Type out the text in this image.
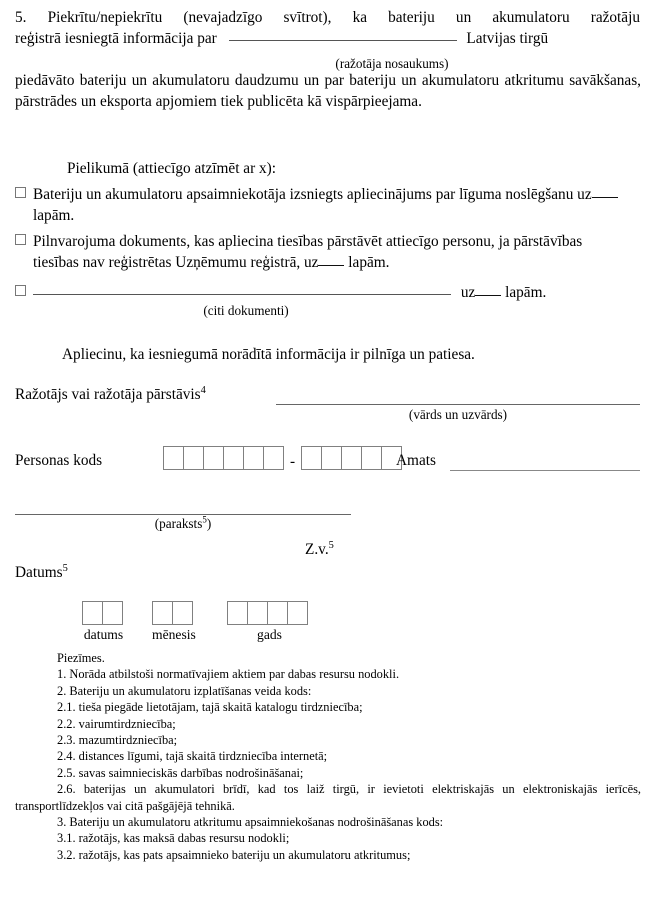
5. Piekrītu/nepiekrītu (nevajadzīgo svītrot), ka bateriju un akumulatoru ražotāju
reģistrā iesniegtā informācija par	Latvijas tirgū
(ražotāja nosaukums)
piedāvāto bateriju un akumulatoru daudzumu un par bateriju un akumulatoru atkritumu savākšanas, pārstrādes un eksporta apjomiem tiek publicēta kā vispārpieejama.
Pielikumā (attiecīgo atzīmēt ar x):
Bateriju un akumulatoru apsaimniekotāja izsniegts apliecinājums par līguma noslēgšanu uz lapām.
Pilnvarojuma dokuments, kas apliecina tiesības pārstāvēt attiecīgo personu, ja pārstāvības tiesības nav reģistrētas Uzņēmumu reģistrā, uz lapām.
uz lapām.
(citi dokumenti)
Apliecinu, ka iesniegumā norādītā informācija ir pilnīga un patiesa.
Ražotājs vai ražotāja pārstāvis$^4$
(vārds un uzvārds)
Personas kods	-	Amats
(paraksts$^5$)
Z.v.$^5$
Datums$^5$
datums mēnesis	gads
Piezīmes.
1. Norāda atbilstoši normatīvajiem aktiem par dabas resursu nodokli.
2. Bateriju un akumulatoru izplatīšanas veida kods:
2.1. tieša piegāde lietotājam, tajā skaitā katalogu tirdzniecība;
2.2. vairumtirdzniecība;
2.3. mazumtirdzniecība;
2.4. distances līgumi, tajā skaitā tirdzniecība internetā;
2.5. savas saimnieciskās darbības nodrošināšanai;
2.6. baterijas un akumulatori brīdī, kad tos laiž tirgū, ir ievietoti elektriskajās un elektroniskajās ierīcēs, transportlīdzekļos vai citā pašgājējā tehnikā.
3. Bateriju un akumulatoru atkritumu apsaimniekošanas nodrošināšanas kods:
3.1. ražotājs, kas maksā dabas resursu nodokli;
3.2. ražotājs, kas pats apsaimnieko bateriju un akumulatoru atkritumus;
